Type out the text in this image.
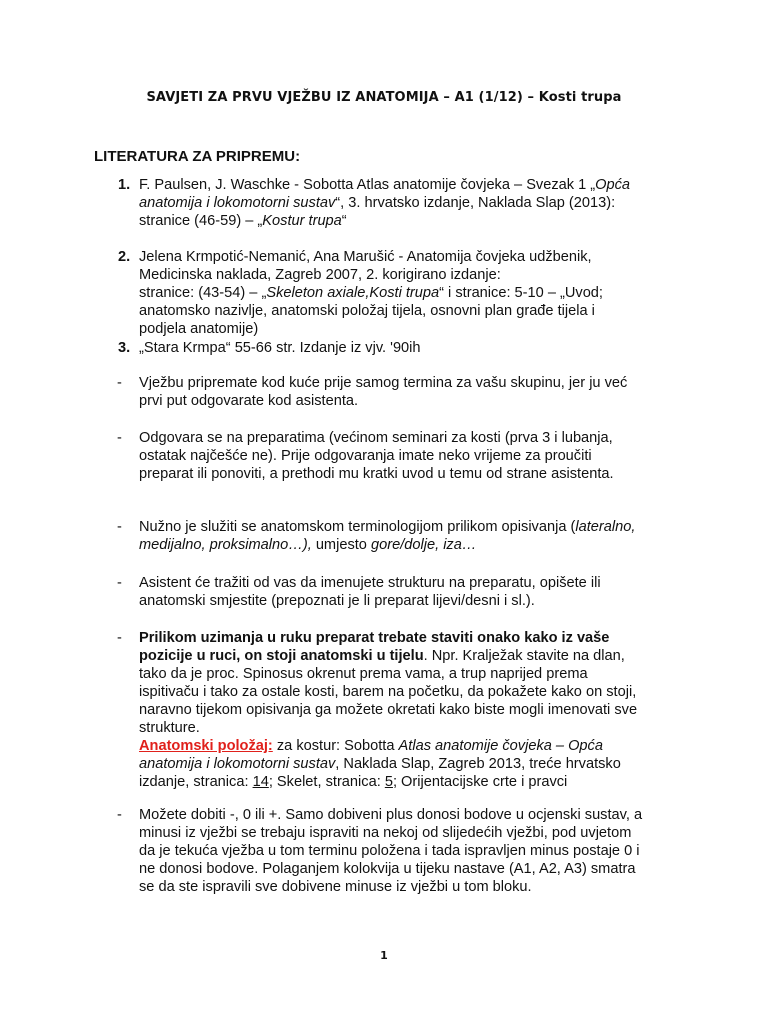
SAVJETI ZA PRVU VJEŽBU IZ ANATOMIJA – A1 (1/12) – Kosti trupa
LITERATURA ZA PRIPREMU:
1. F. Paulsen, J. Waschke - Sobotta Atlas anatomije čovjeka – Svezak 1 „Opća
anatomija i lokomotorni sustav“, 3. hrvatsko izdanje, Naklada Slap (2013):
stranice (46-59) – „Kostur trupa“
2. Jelena Krmpotić-Nemanić, Ana Marušić - Anatomija čovjeka udžbenik,
Medicinska naklada, Zagreb 2007, 2. korigirano izdanje:
stranice: (43-54) – „Skeleton axiale,Kosti trupa“ i stranice: 5-10 – „Uvod;
anatomsko nazivlje, anatomski položaj tijela, osnovni plan građe tijela i
podjela anatomije)
3. „Stara Krmpa“ 55-66 str. Izdanje iz vjv. '90ih
-	Vježbu pripremate kod kuće prije samog termina za vašu skupinu, jer ju već
prvi put odgovarate kod asistenta.
-	Odgovara se na preparatima (većinom seminari za kosti (prva 3 i lubanja,
ostatak najčešće ne). Prije odgovaranja imate neko vrijeme za proučiti
preparat ili ponoviti, a prethodi mu kratki uvod u temu od strane asistenta.
-	Nužno je služiti se anatomskom terminologijom prilikom opisivanja (lateralno,
medijalno, proksimalno…), umjesto gore/dolje, iza…
-	Asistent će tražiti od vas da imenujete strukturu na preparatu, opišete ili
anatomski smjestite (prepoznati je li preparat lijevi/desni i sl.).
-	Prilikom uzimanja u ruku preparat trebate staviti onako kako iz vaše
pozicije u ruci, on stoji anatomski u tijelu. Npr. Kralježak stavite na dlan,
tako da je proc. Spinosus okrenut prema vama, a trup naprijed prema
ispitivaču i tako za ostale kosti, barem na početku, da pokažete kako on stoji,
naravno tijekom opisivanja ga možete okretati kako biste mogli imenovati sve
strukture.
Anatomski položaj: za kostur: Sobotta Atlas anatomije čovjeka – Opća
anatomija i lokomotorni sustav, Naklada Slap, Zagreb 2013, treće hrvatsko
izdanje, stranica: 14; Skelet, stranica: 5; Orijentacijske crte i pravci
-	Možete dobiti -, 0 ili +. Samo dobiveni plus donosi bodove u ocjenski sustav, a
minusi iz vježbi se trebaju ispraviti na nekoj od slijedećih vježbi, pod uvjetom
da je tekuća vježba u tom terminu položena i tada ispravljen minus postaje 0 i
ne donosi bodove. Polaganjem kolokvija u tijeku nastave (A1, A2, A3) smatra
se da ste ispravili sve dobivene minuse iz vježbi u tom bloku.
1
